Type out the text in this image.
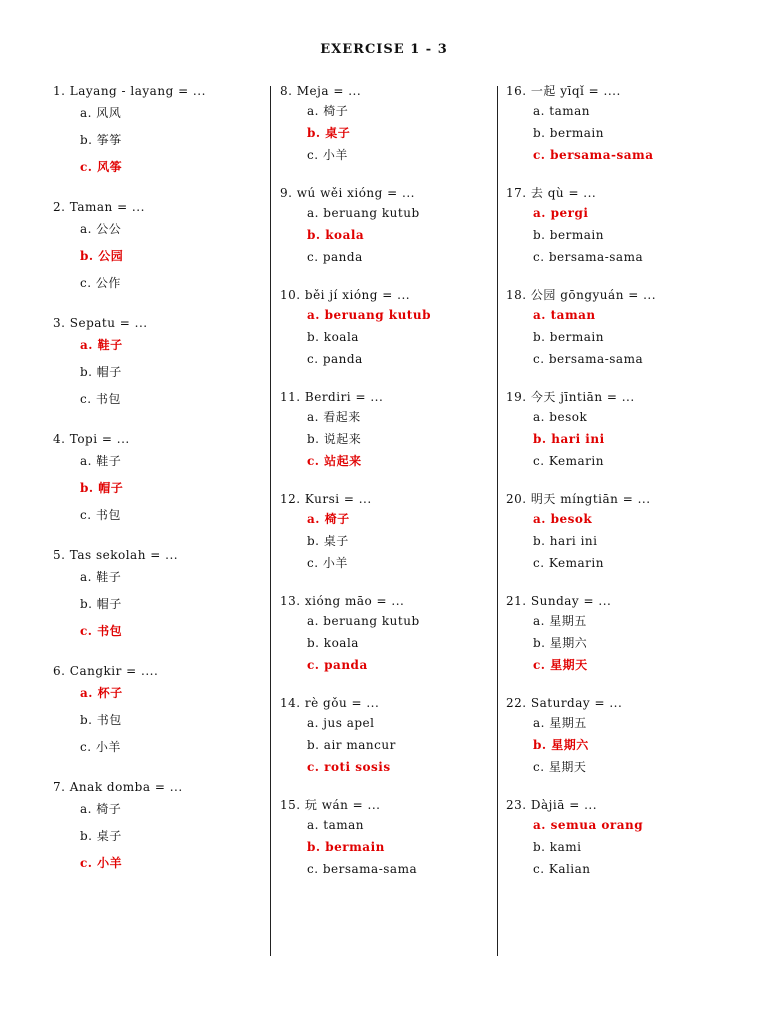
EXERCISE 1 - 3
1. Layang - layang = ...
a. 风风
b. 筝筝
c. 风筝
2. Taman = ...
a. 公公
b. 公园
c. 公作
3. Sepatu = ...
a. 鞋子
b. 帽子
c. 书包
4. Topi = ...
a. 鞋子
b. 帽子
c. 书包
5. Tas sekolah = ...
a. 鞋子
b. 帽子
c. 书包
6. Cangkir = ....
a. 杯子
b. 书包
c. 小羊
7. Anak domba = ...
a. 椅子
b. 桌子
c. 小羊
8. Meja = ...
a. 椅子
b. 桌子
c. 小羊
9. wú wěi xióng = ...
a. beruang kutub
b. koala
c. panda
10. běi jí xióng = ...
a. beruang kutub
b. koala
c. panda
11. Berdiri = ...
a. 看起来
b. 说起来
c. 站起来
12. Kursi = ...
a. 椅子
b. 桌子
c. 小羊
13. xióng māo = ...
a. beruang kutub
b. koala
c. panda
14. rè gǒu = ...
a. jus apel
b. air mancur
c. roti sosis
15. 玩 wán = ...
a. taman
b. bermain
c. bersama-sama
16. 一起 yīqǐ = ....
a. taman
b. bermain
c. bersama-sama
17. 去 qù = ...
a. pergi
b. bermain
c. bersama-sama
18. 公园 gōngyuán = ...
a. taman
b. bermain
c. bersama-sama
19. 今天 jīntiān = ...
a. besok
b. hari ini
c. Kemarin
20. 明天 míngtiān = ...
a. besok
b. hari ini
c. Kemarin
21. Sunday = ...
a. 星期五
b. 星期六
c. 星期天
22. Saturday = ...
a. 星期五
b. 星期六
c. 星期天
23. Dàjiā = ...
a. semua orang
b. kami
c. Kalian
